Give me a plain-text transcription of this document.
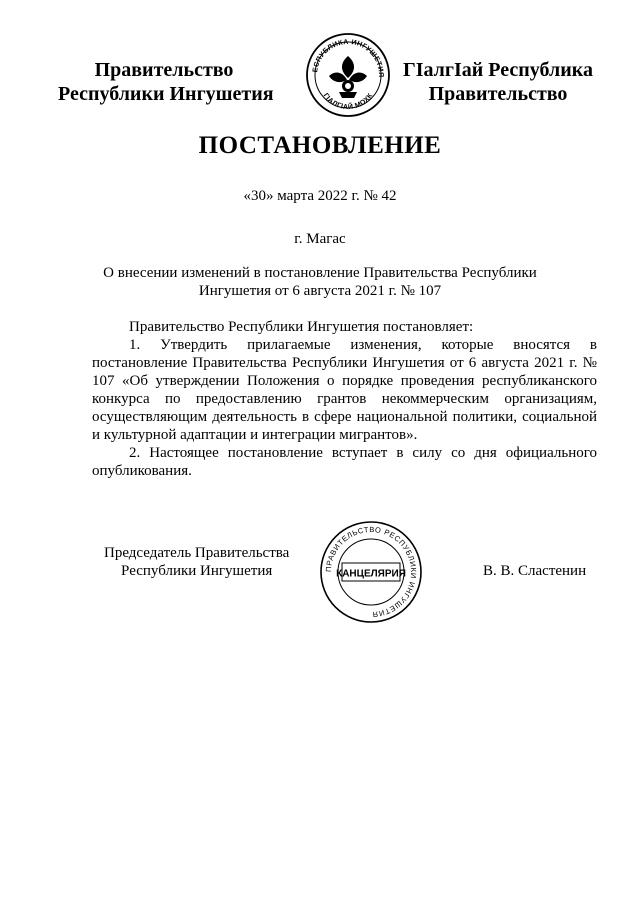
Правительство
Республики Ингушетия
ЕСПУБЛИКА ИНГУШЕТИЯ
ГIАЛГIАЙ МОХК
ГIалгIай Республика
Правительство
ПОСТАНОВЛЕНИЕ
«30» марта 2022 г. № 42
г. Магас
О внесении изменений в постановление Правительства Республики
Ингушетия от 6 августа 2021 г. № 107

Правительство Республики Ингушетия постановляет:

1. Утвердить прилагаемые изменения, которые вносятся в постановление Правительства Республики Ингушетия от 6 августа 2021 г. № 107 «Об утверждении Положения о порядке проведения республиканского конкурса по предоставлению грантов некоммерческим организациям, осуществляющим деятельность в сфере национальной политики, социальной и культурной адаптации и интеграции мигрантов».

2. Настоящее постановление вступает в силу со дня официального опубликования.

Председатель Правительства
Республики Ингушетия	ПРАВИТЕЛЬСТВО РЕСПУБЛИКИ ИНГУШЕТИЯ
КАНЦЕЛЯРИЯ	В. В. Сластенин
